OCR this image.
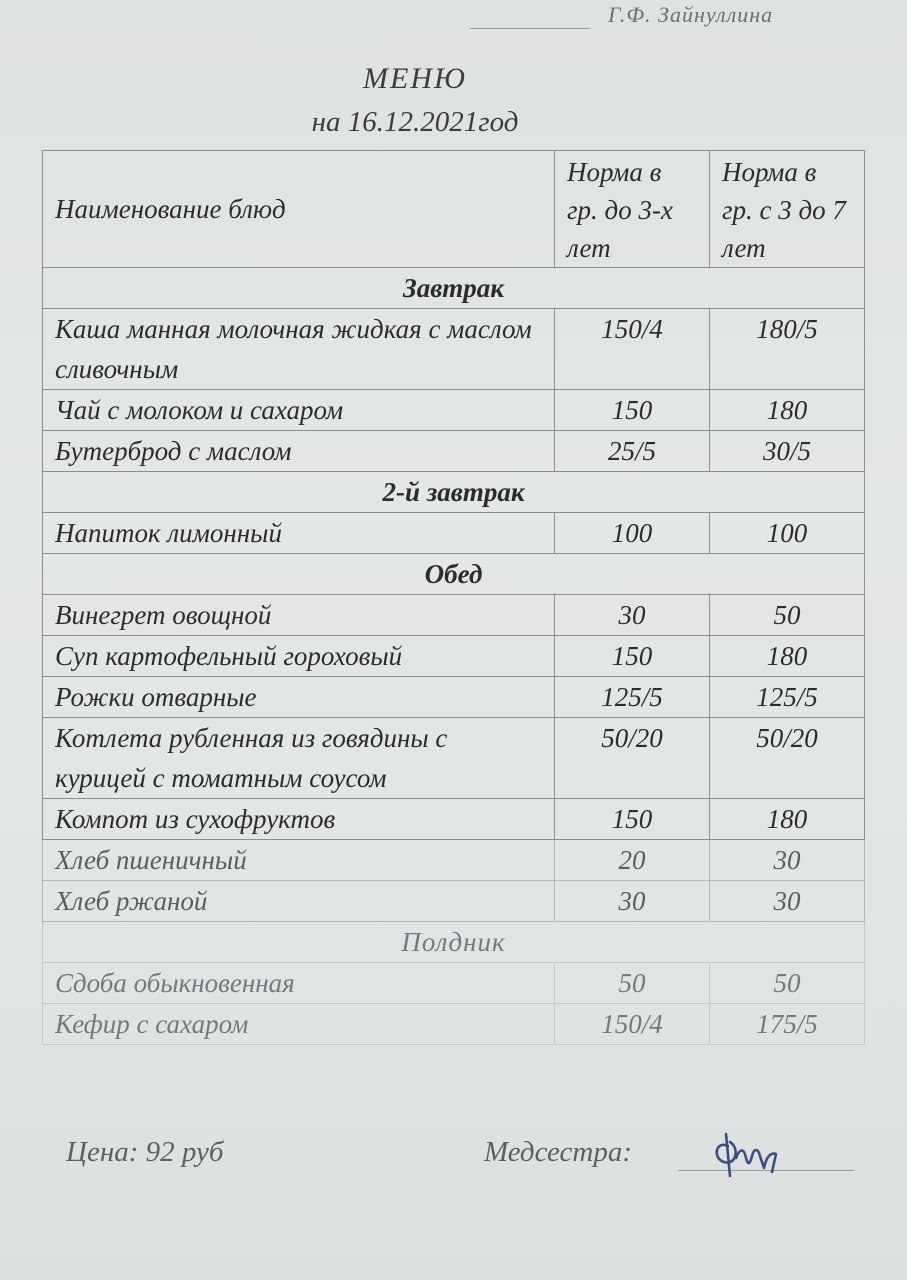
Г.Ф. Зайнуллина
МЕНЮ
на 16.12.2021год
Наименование блюд	Норма в гр. до 3-х лет	Норма в гр. с 3 до 7 лет
Завтрак		
Каша манная молочная жидкая с маслом сливочным	150/4	180/5
Чай с молоком и сахаром	150	180
Бутерброд с маслом	25/5	30/5
2-й завтрак		
Напиток лимонный	100	100
Обед		
Винегрет овощной	30	50
Суп картофельный гороховый	150	180
Рожки отварные	125/5	125/5
Котлета рубленная из говядины с курицей с томатным соусом	50/20	50/20
Компот из сухофруктов	150	180
Хлеб пшеничный	20	30
Хлеб ржаной	30	30
Полдник		
Сдоба обыкновенная	50	50
Кефир с сахаром	150/4	175/5
Цена: 92 руб	Медсестра:
